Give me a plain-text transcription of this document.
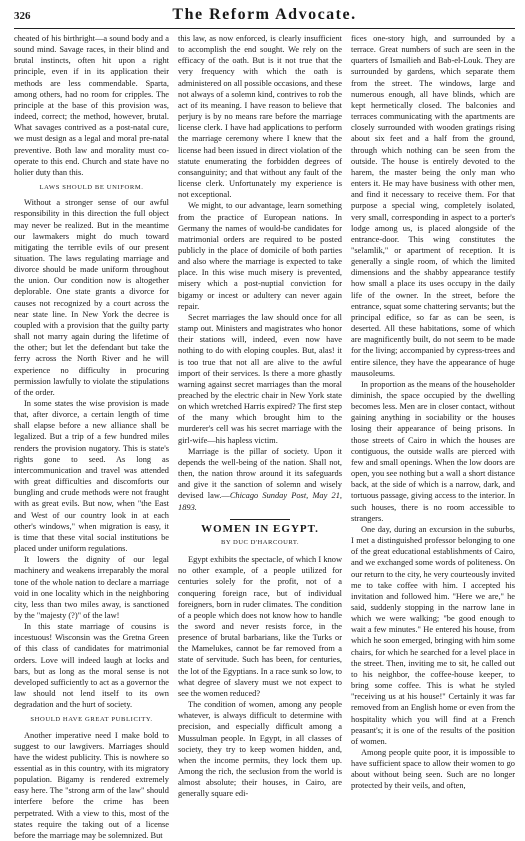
326	The Reform Advocate.

cheated of his birthright—a sound body and a sound mind. Savage races, in their blind and brutal instincts, often hit upon a right principle, even if in its application their methods are less commendable. Sparta, among others, had no room for cripples. The principle at the base of this provision was, indeed, correct; the method, however, brutal. What savages contrived as a post-natal cure, we must design as a legal and moral pre-natal preventive. Both law and morality must co-operate to this end. Church and state have no holier duty than this.

LAWS SHOULD BE UNIFORM.

Without a stronger sense of our awful responsibility in this direction the full object may never be realized. But in the meantime our lawmakers might do much toward mitigating the terrible evils of our present situation. The laws regulating marriage and divorce should be made uniform throughout the union. Our condition now is altogether deplorable. One state grants a divorce for causes not recognized by a court across the near state line. In New York the decree is coupled with a provision that the guilty party shall not marry again during the lifetime of the other; but let the defendant but take the ferry across the North River and he will experience no difficulty in procuring permission lawfully to violate the stipulations of the order.

In some states the wise provision is made that, after divorce, a certain length of time shall elapse before a new alliance shall be legalized. But a trip of a few hundred miles renders the provision nugatory. This is state's rights gone to seed. As long as intercommunication and travel was attended with great difficulties and discomforts our bungling and crude methods were not fraught with as great evils. But now, when "the East and West of our country look in at each other's windows," when migration is easy, it is time that these vital social institutions be placed under uniform regulations.

It lowers the dignity of our legal machinery and weakens irreparably the moral tone of the whole nation to declare a marriage void in one locality which in the neighboring city, less than two miles away, is sanctioned by the "majesty (?)" of the law!

In this state marriage of cousins is incestuous! Wisconsin was the Gretna Green of this class of candidates for matrimonial orders. Love will indeed laugh at locks and bars, but as long as the moral sense is not developed sufficiently to act as a governor the law should not lend itself to its own degradation and the hurt of society.

SHOULD HAVE GREAT PUBLICITY.

Another imperative need I make bold to suggest to our lawgivers. Marriages should have the widest publicity. This is nowhere so essential as in this country, with its migratory population. Bigamy is rendered extremely easy here. The "strong arm of the law" should interfere before the crime has been perpetrated. With a view to this, most of the states require the taking out of a license before the marriage may be solemnized. But

this law, as now enforced, is clearly insufficient to accomplish the end sought. We rely on the efficacy of the oath. But is it not true that the very frequency with which the oath is administered on all possible occasions, and these not always of a solemn kind, contrives to rob the act of its meaning. I have reason to believe that perjury is by no means rare before the marriage license clerk. I have had applications to perform the marriage ceremony where I knew that the license had been issued in direct violation of the statute enumerating the forbidden degrees of consanguinity; and that without any fault of the license clerk. Unfortunately my experience is not exceptional.

We might, to our advantage, learn something from the practice of European nations. In Germany the names of would-be candidates for matrimonial orders are required to be posted publicly in the place of domicile of both parties and also where the marriage is expected to take place. In this wise much misery is prevented, misery which a post-nuptial conviction for bigamy or incest or adultery can never again repair.

Secret marriages the law should once for all stamp out. Ministers and magistrates who honor their stations will, indeed, even now have nothing to do with eloping couples. But, alas! it is too true that not all are alive to the awful import of their services. Is there a more ghastly warning against secret marriages than the moral preached by the electric chair in New York state on which wretched Harris expired? The first step of the many which brought him to the murderer's cell was his secret marriage with the girl-wife—his hapless victim.

Marriage is the pillar of society. Upon it depends the well-being of the nation. Shall not, then, the nation throw around it its safeguards and give it the sanction of solemn and wisely devised law.—Chicago Sunday Post, May 21, 1893.

WOMEN IN EGYPT.
BY DUC D'HARCOURT.

Egypt exhibits the spectacle, of which I know no other example, of a people utilized for centuries solely for the profit, not of a conquering foreign race, but of individual foreigners, born in ruder climates. The condition of a people which does not know how to handle the sword and never resists force, in the presence of brutal barbarians, like the Turks or the Mamelukes, cannot be far removed from a state of servitude. Such has been, for centuries, the lot of the Egyptians. In a race sunk so low, to what degree of slavery must we not expect to see the women reduced?

The condition of women, among any people whatever, is always difficult to determine with precision, and especially difficult among a Mussulman people. In Egypt, in all classes of society, they try to keep women hidden, and, when the income permits, they lock them up. Among the rich, the seclusion from the world is almost absolute; their houses, in Cairo, are generally square edi-

fices one-story high, and surrounded by a terrace. Great numbers of such are seen in the quarters of Ismailieh and Bab-el-Louk. They are surrounded by gardens, which separate them from the street. The windows, large and numerous enough, all have blinds, which are kept hermetically closed. The balconies and terraces communicating with the apartments are closely surrounded with wooden gratings rising about six feet and a half from the ground, through which nothing can be seen from the outside. The house is entirely devoted to the harem, the master being the only man who enters it. He may have business with other men, and find it necessary to receive them. For that purpose a special wing, completely isolated, very small, corresponding in aspect to a porter's lodge among us, is placed alongside of the entrance-door. This wing constitutes the "selamlik," or apartment of reception. It is generally a single room, of which the limited dimensions and the shabby appearance testify how small a place its uses occupy in the daily life of the owner. In the street, before the entrance, squat some chattering servants; but the principal edifice, so far as can be seen, is deserted. All these habitations, some of which are magnificently built, do not seem to be made for the living; accompanied by cypress-trees and entire silence, they have the appearance of huge mausoleums.

In proportion as the means of the householder diminish, the space occupied by the dwelling becomes less. Men are in closer contact, without gaining anything in sociability or the houses losing their appearance of being prisons. In those streets of Cairo in which the houses are contiguous, the outside walls are pierced with few and small openings. When the low doors are open, you see nothing but a wall a short distance back, at the side of which is a narrow, dark, and tortuous passage, giving access to the interior. In such houses, there is no room accessible to strangers.

One day, during an excursion in the suburbs, I met a distinguished professor belonging to one of the great educational establishments of Cairo, and we exchanged some words of politeness. On our return to the city, he very courteously invited me to take coffee with him. I accepted his invitation and followed him. "Here we are," he said, suddenly stopping in the narrow lane in which we were walking; "be good enough to wait a few minutes." He entered his house, from which he soon emerged, bringing with him some chairs, for which he searched for a level place in the street. Then, inviting me to sit, he called out to his neighbor, the coffee-house keeper, to bring some coffee. This is what he styled "receiving us at his house!" Certainly it was far removed from an English home or even from the hospitality which you will find at a French peasant's; it is one of the results of the position of women.

Among people quite poor, it is impossible to have sufficient space to allow their women to go about without being seen. Such are no longer protected by their veils, and often,
